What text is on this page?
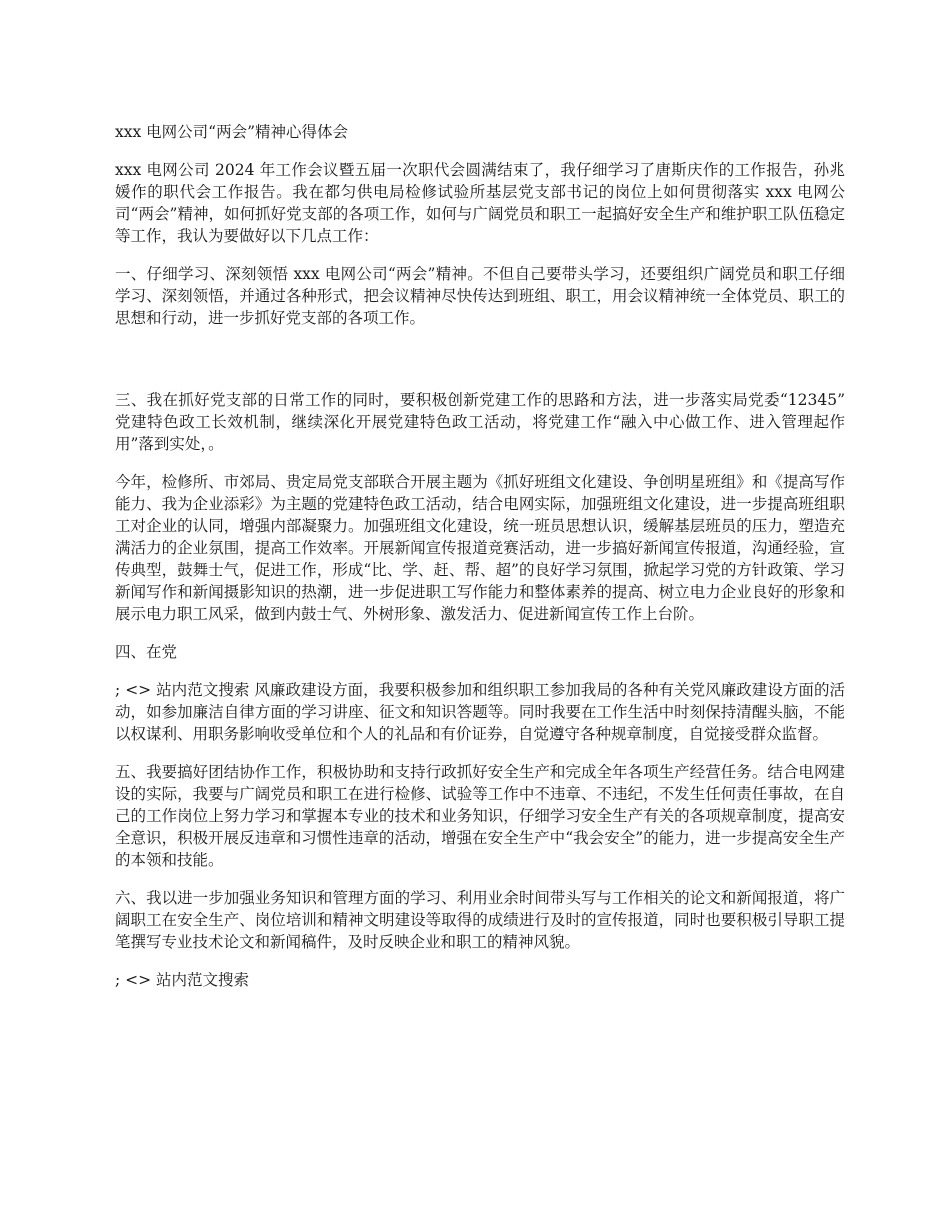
xxx 电网公司“两会”精神心得体会

xxx 电网公司 2024 年工作会议暨五届一次职代会圆满结束了，我仔细学习了唐斯庆作的工作报告，孙兆媛作的职代会工作报告。我在都匀供电局检修试验所基层党支部书记的岗位上如何贯彻落实 xxx 电网公司“两会”精神，如何抓好党支部的各项工作，如何与广阔党员和职工一起搞好安全生产和维护职工队伍稳定等工作，我认为要做好以下几点工作：

一、仔细学习、深刻领悟 xxx 电网公司“两会”精神。不但自己要带头学习，还要组织广阔党员和职工仔细学习、深刻领悟，并通过各种形式，把会议精神尽快传达到班组、职工，用会议精神统一全体党员、职工的思想和行动，进一步抓好党支部的各项工作。

三、我在抓好党支部的日常工作的同时，要积极创新党建工作的思路和方法，进一步落实局党委“12345” 党建特色政工长效机制，继续深化开展党建特色政工活动，将党建工作“融入中心做工作、进入管理起作用”落到实处，。

今年，检修所、市郊局、贵定局党支部联合开展主题为《抓好班组文化建设、争创明星班组》和《提高写作能力、我为企业添彩》为主题的党建特色政工活动，结合电网实际，加强班组文化建设，进一步提高班组职工对企业的认同，增强内部凝聚力。加强班组文化建设，统一班员思想认识，缓解基层班员的压力，塑造充满活力的企业氛围，提高工作效率。开展新闻宣传报道竞赛活动，进一步搞好新闻宣传报道，沟通经验，宣传典型，鼓舞士气，促进工作，形成“比、学、赶、帮、超”的良好学习氛围，掀起学习党的方针政策、学习新闻写作和新闻摄影知识的热潮，进一步促进职工写作能力和整体素养的提高、树立电力企业良好的形象和展示电力职工风采，做到内鼓士气、外树形象、激发活力、促进新闻宣传工作上台阶。

四、在党

; <> 站内范文搜索 风廉政建设方面，我要积极参加和组织职工参加我局的各种有关党风廉政建设方面的活动，如参加廉洁自律方面的学习讲座、征文和知识答题等。同时我要在工作生活中时刻保持清醒头脑，不能以权谋利、用职务影响收受单位和个人的礼品和有价证券，自觉遵守各种规章制度，自觉接受群众监督。

五、我要搞好团结协作工作，积极协助和支持行政抓好安全生产和完成全年各项生产经营任务。结合电网建设的实际，我要与广阔党员和职工在进行检修、试验等工作中不违章、不违纪，不发生任何责任事故，在自己的工作岗位上努力学习和掌握本专业的技术和业务知识，仔细学习安全生产有关的各项规章制度，提高安全意识，积极开展反违章和习惯性违章的活动，增强在安全生产中“我会安全”的能力，进一步提高安全生产的本领和技能。

六、我以进一步加强业务知识和管理方面的学习、利用业余时间带头写与工作相关的论文和新闻报道，将广阔职工在安全生产、岗位培训和精神文明建设等取得的成绩进行及时的宣传报道，同时也要积极引导职工提笔撰写专业技术论文和新闻稿件，及时反映企业和职工的精神风貌。

; <> 站内范文搜索
